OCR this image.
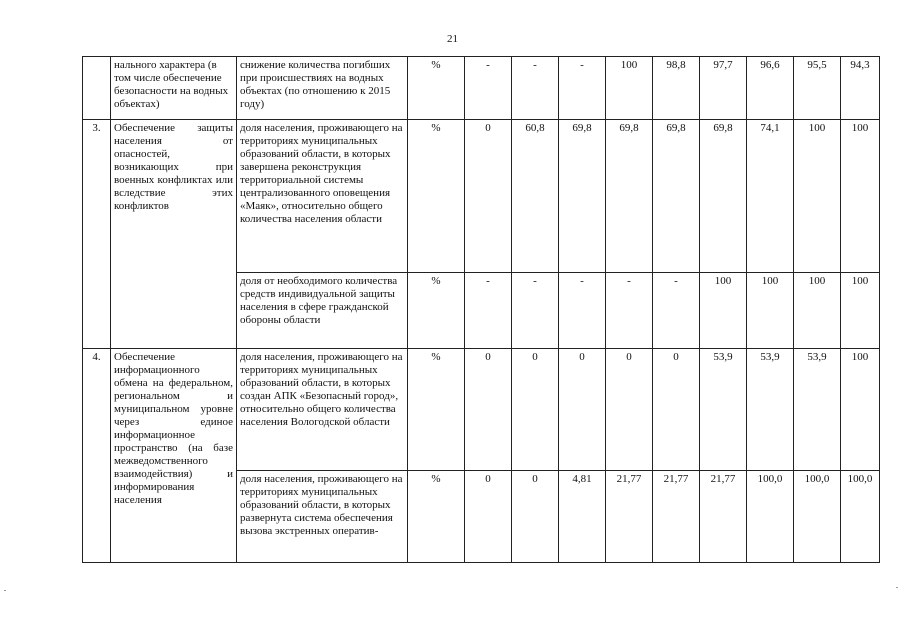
21
	нального характера (в том числе обеспечение безопасности на водных объектах)	снижение количества погибших при происшествиях на водных объектах (по отношению к 2015 году)	%	-	-	-	100	98,8	97,7	96,6	95,5	94,3
3.	Обеспечение защиты населения от опасностей, возникающих при военных конфликтах или вследствие этих конфликтов	доля населения, проживающего на территориях муниципальных образований области, в которых завершена реконструкция территориальной системы централизованного оповещения «Маяк», относительно общего количества населения области	%	0	60,8	69,8	69,8	69,8	69,8	74,1	100	100
		доля от необходимого количества средств индивидуальной защиты населения в сфере гражданской обороны области	%	-	-	-	-	-	100	100	100	100
4.	Обеспечение информационного обмена на федеральном, региональном и муниципальном уровне через единое информационное пространство (на базе межведомственного взаимодействия) и информирования населения	доля населения, проживающего на территориях муниципальных образований области, в которых создан АПК «Безопасный город», относительно общего количества населения Вологодской области	%	0	0	0	0	0	53,9	53,9	53,9	100
		доля населения, проживающего на территориях муниципальных образований области, в которых развернута система обеспечения вызова экстренных оператив-	%	0	0	4,81	21,77	21,77	21,77	100,0	100,0	100,0
